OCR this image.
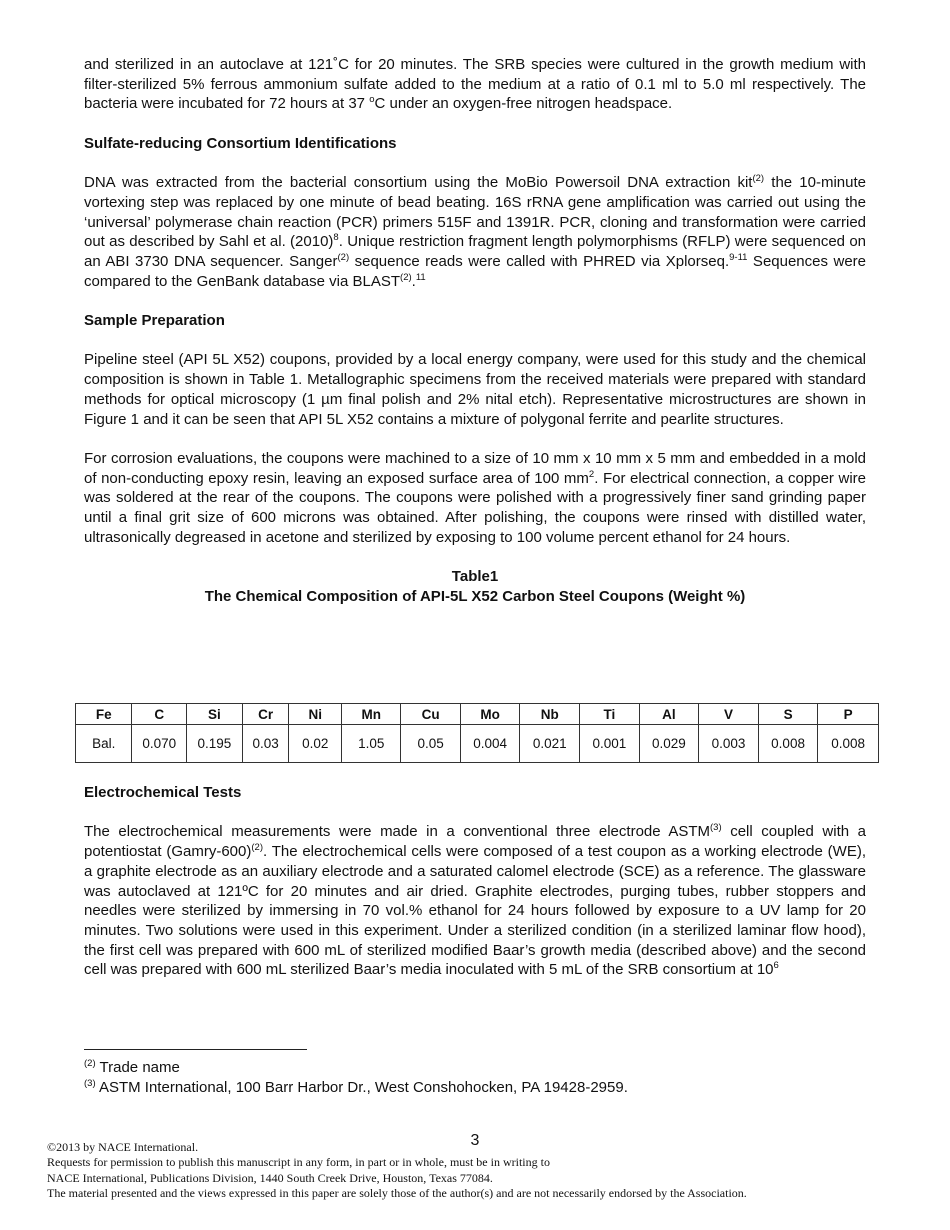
and sterilized in an autoclave at 121˚C for 20 minutes. The SRB species were cultured in the growth medium with filter-sterilized 5% ferrous ammonium sulfate added to the medium at a ratio of 0.1 ml to 5.0 ml respectively. The bacteria were incubated for 72 hours at 37 $^o$C under an oxygen-free nitrogen headspace.

Sulfate-reducing Consortium Identifications

DNA was extracted from the bacterial consortium using the MoBio Powersoil DNA extraction kit$^{(2)}$ the 10-minute vortexing step was replaced by one minute of bead beating. 16S rRNA gene amplification was carried out using the ‘universal’ polymerase chain reaction (PCR) primers 515F and 1391R. PCR, cloning and transformation were carried out as described by Sahl et al. $(2010)^8$. Unique restriction fragment length polymorphisms (RFLP) were sequenced on an ABI 3730 DNA sequencer. Sanger$^{(2)}$ sequence reads were called with PHRED via Xplorseq.$^{9-11}$ Sequences were compared to the GenBank database via BLAST$^{(2)}$.$^{11}$

Sample Preparation

Pipeline steel (API 5L X52) coupons, provided by a local energy company, were used for this study and the chemical composition is shown in Table 1. Metallographic specimens from the received materials were prepared with standard methods for optical microscopy (1 µm final polish and 2% nital etch). Representative microstructures are shown in Figure 1 and it can be seen that API 5L X52 contains a mixture of polygonal ferrite and pearlite structures.

For corrosion evaluations, the coupons were machined to a size of 10 mm x 10 mm x 5 mm and embedded in a mold of non-conducting epoxy resin, leaving an exposed surface area of 100 $mm^2$. For electrical connection, a copper wire was soldered at the rear of the coupons. The coupons were polished with a progressively finer sand grinding paper until a final grit size of 600 microns was obtained. After polishing, the coupons were rinsed with distilled water, ultrasonically degreased in acetone and sterilized by exposing to 100 volume percent ethanol for 24 hours.

Table1
The Chemical Composition of API-5L X52 Carbon Steel Coupons (Weight %)
Fe	C	Si	Cr	Ni	Mn	Cu	Mo	Nb	Ti	Al	V	S	P
Bal.	0.070	0.195	0.03	0.02	1.05	0.05	0.004	0.021	0.001	0.029	0.003	0.008	0.008
Electrochemical Tests

The electrochemical measurements were made in a conventional three electrode ASTM$^{(3)}$ cell coupled with a potentiostat (Gamry-600)$^{(2)}$. The electrochemical cells were composed of a test coupon as a working electrode (WE), a graphite electrode as an auxiliary electrode and a saturated calomel electrode (SCE) as a reference. The glassware was autoclaved at 121ºC for 20 minutes and air dried. Graphite electrodes, purging tubes, rubber stoppers and needles were sterilized by immersing in 70 vol.% ethanol for 24 hours followed by exposure to a UV lamp for 20 minutes. Two solutions were used in this experiment. Under a sterilized condition (in a sterilized laminar flow hood), the first cell was prepared with 600 mL of sterilized modified Baar’s growth media (described above) and the second cell was prepared with 600 mL sterilized Baar’s media inoculated with 5 mL of the SRB consortium at $10^6$

$^{(2)}$ Trade name
$^{(3)}$ ASTM International, 100 Barr Harbor Dr., West Conshohocken, PA 19428-2959.
3
©2013 by NACE International.
Requests for permission to publish this manuscript in any form, in part or in whole, must be in writing to
NACE International, Publications Division, 1440 South Creek Drive, Houston, Texas 77084.
The material presented and the views expressed in this paper are solely those of the author(s) and are not necessarily endorsed by the Association.
